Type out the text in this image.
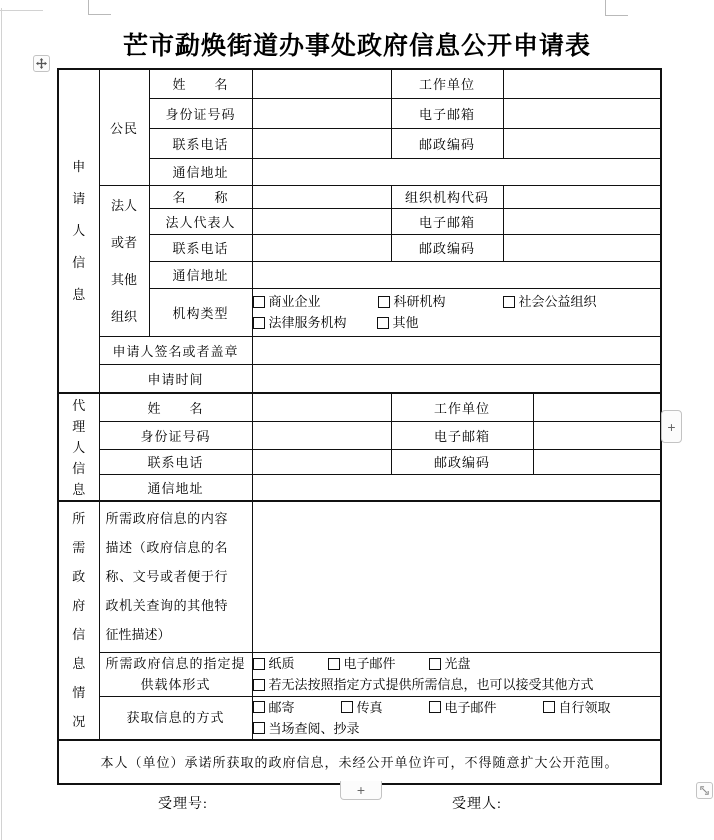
芒市勐焕街道办事处政府信息公开申请表
申请人信息	公民	姓　　名		工作单位		
		身份证号码		电子邮箱		
		联系电话		邮政编码		
		通信地址				

	法人或者其他组织	名　　称		组织机构代码		
		法人代表人		电子邮箱		
		联系电话		邮政编码		
		通信地址				
		机构类型	商业企业 科研机构 社会公益组织
法律服务机构 其他			

	申请人签名或者盖章					
	申请时间					

代理人信息	姓　　名			工作单位		
	身份证号码			电子邮箱		
	联系电话			邮政编码		
	通信地址					

所需政府信息情况	所需政府信息的内容描述（政府信息的名称、文号或者便于行政机关查询的其他特征性描述）					

	所需政府信息的指定提供载体形式		纸质 电子邮件 光盘
若无法按照指定方式提供所需信息，也可以接受其他方式			

	获取信息的方式		邮寄 传真 电子邮件 自行领取
当场查阅、抄录			

本人（单位）承诺所获取的政府信息，未经公开单位许可，不得随意扩大公开范围。						
+
+
受理号:	受理人:
